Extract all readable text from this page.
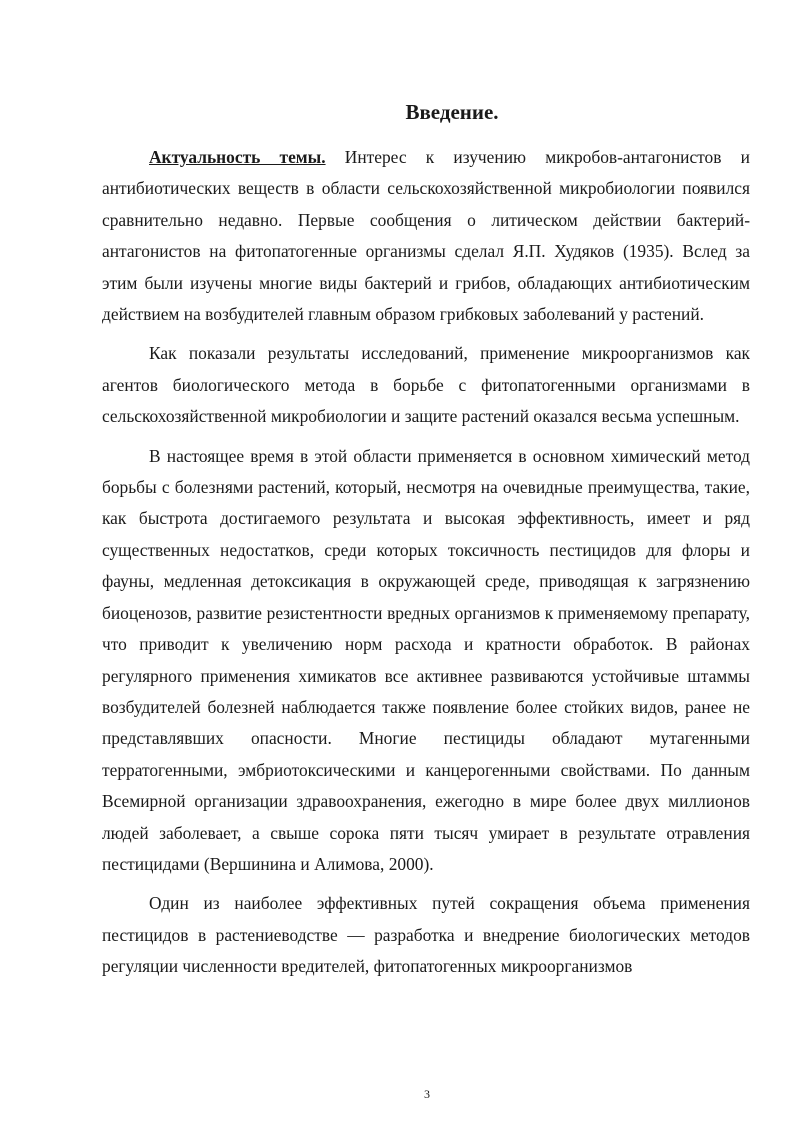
Введение.

Актуальность темы. Интерес к изучению микробов-антагонистов и антибиотических веществ в области сельскохозяйственной микробиологии появился сравнительно недавно. Первые сообщения о литическом действии бактерий-антагонистов на фитопатогенные организмы сделал Я.П. Худяков (1935). Вслед за этим были изучены многие виды бактерий и грибов, обладающих антибиотическим действием на возбудителей главным образом грибковых заболеваний у растений.

Как показали результаты исследований, применение микроорганизмов как агентов биологического метода в борьбе с фитопатогенными организмами в сельскохозяйственной микробиологии и защите растений оказался весьма успешным.

В настоящее время в этой области применяется в основном химический метод борьбы с болезнями растений, который, несмотря на очевидные преимущества, такие, как быстрота достигаемого результата и высокая эффективность, имеет и ряд существенных недостатков, среди которых токсичность пестицидов для флоры и фауны, медленная детоксикация в окружающей среде, приводящая к загрязнению биоценозов, развитие резистентности вредных организмов к применяемому препарату, что приводит к увеличению норм расхода и кратности обработок. В районах регулярного применения химикатов все активнее развиваются устойчивые штаммы возбудителей болезней наблюдается также появление более стойких видов, ранее не представлявших опасности. Многие пестициды обладают мутагенными терратогенными, эмбриотоксическими и канцерогенными свойствами. По данным Всемирной организации здравоохранения, ежегодно в мире более двух миллионов людей заболевает, а свыше сорока пяти тысяч умирает в результате отравления пестицидами (Вершинина и Алимова, 2000).

Один из наиболее эффективных путей сокращения объема применения пестицидов в растениеводстве — разработка и внедрение биологических методов регуляции численности вредителей, фитопатогенных микроорганизмов

3
